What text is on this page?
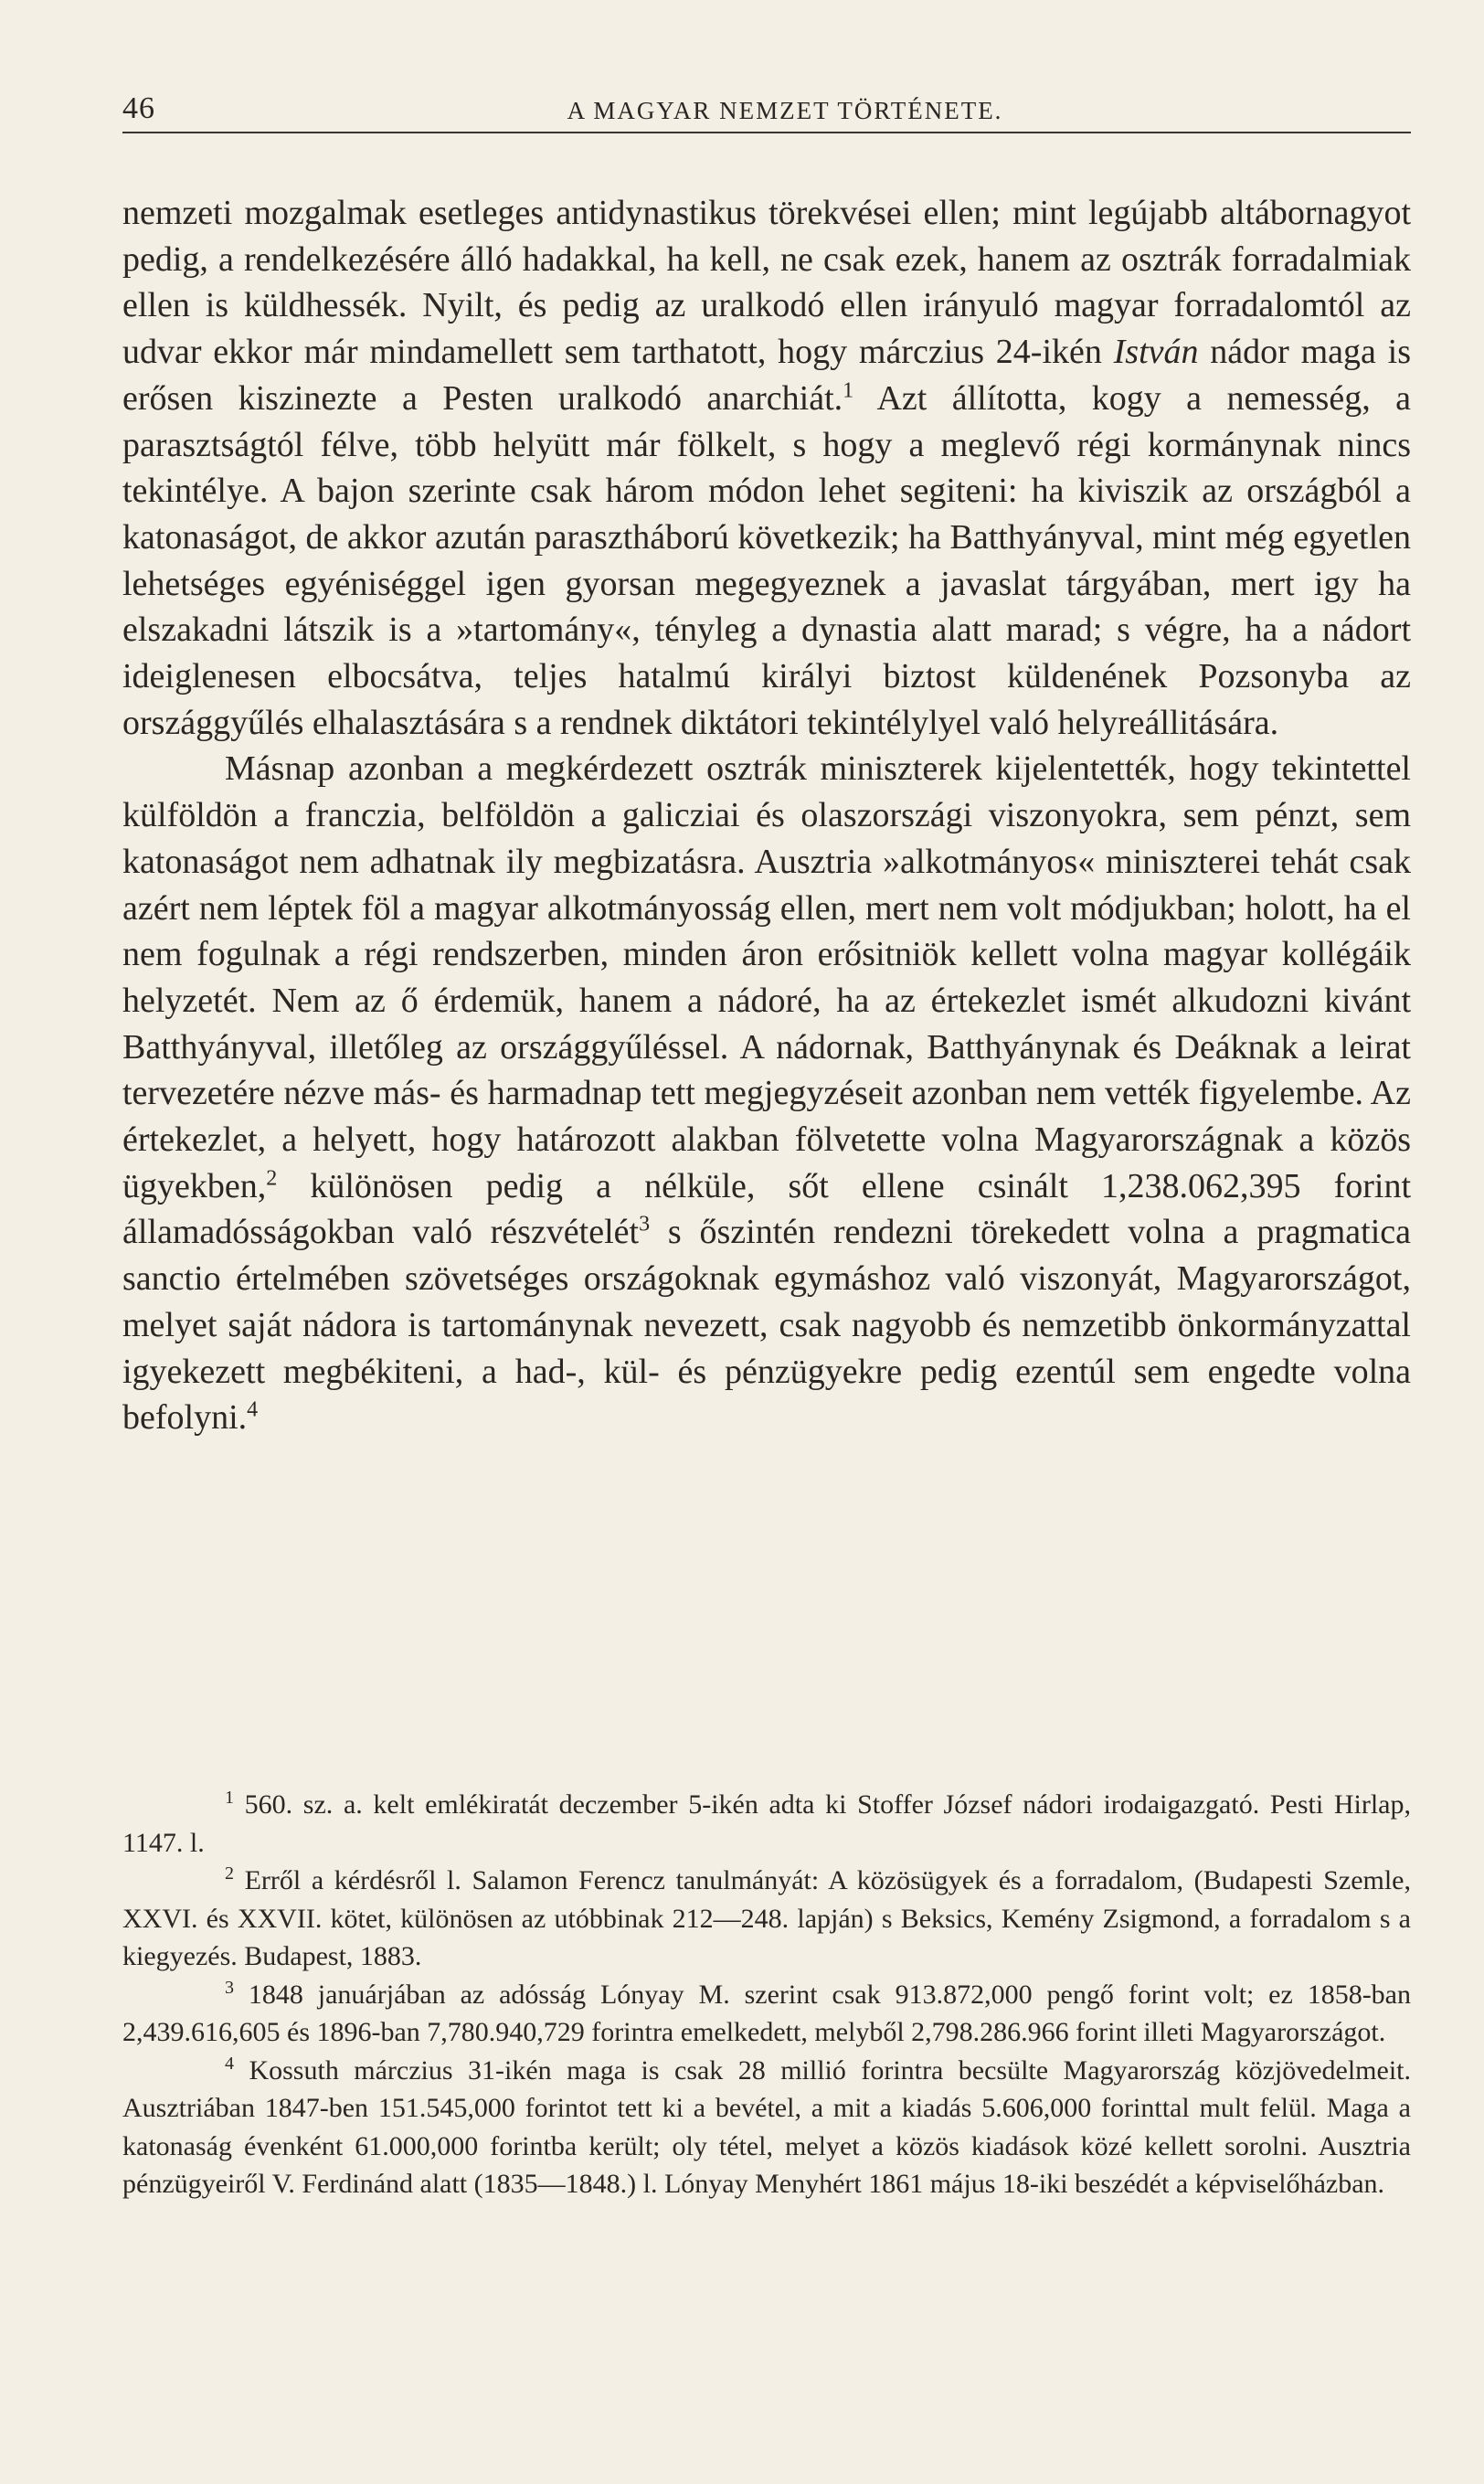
46	A MAGYAR NEMZET TÖRTÉNETE.

nemzeti mozgalmak esetleges antidynastikus törekvései ellen; mint legújabb altábornagyot pedig, a rendelkezésére álló hadakkal, ha kell, ne csak ezek, hanem az osztrák forradalmiak ellen is küldhessék. Nyilt, és pedig az uralkodó ellen irányuló magyar forradalomtól az udvar ekkor már mindamellett sem tarthatott, hogy márczius 24-ikén István nádor maga is erősen kiszinezte a Pesten uralkodó anarchiát.$^1$ Azt állította, kogy a nemesség, a parasztságtól félve, több helyütt már fölkelt, s hogy a meglevő régi kormánynak nincs tekintélye. A bajon szerinte csak három módon lehet segiteni: ha kiviszik az országból a katonaságot, de akkor azután parasztháború következik; ha Batthyányval, mint még egyetlen lehetséges egyéniséggel igen gyorsan megegyeznek a javaslat tárgyában, mert igy ha elszakadni látszik is a »tartomány«, tényleg a dynastia alatt marad; s végre, ha a nádort ideiglenesen elbocsátva, teljes hatalmú királyi biztost küldenének Pozsonyba az országgyűlés elhalasztására s a rendnek diktátori tekintélylyel való helyreállitására.

Másnap azonban a megkérdezett osztrák miniszterek kijelentették, hogy tekintettel külföldön a franczia, belföldön a galicziai és olaszországi viszonyokra, sem pénzt, sem katonaságot nem adhatnak ily megbizatásra. Ausztria »alkotmányos« miniszterei tehát csak azért nem léptek föl a magyar alkotmányosság ellen, mert nem volt módjukban; holott, ha el nem fogulnak a régi rendszerben, minden áron erősitniök kellett volna magyar kollégáik helyzetét. Nem az ő érdemük, hanem a nádoré, ha az értekezlet ismét alkudozni kivánt Batthyányval, illetőleg az országgyűléssel. A nádornak, Batthyánynak és Deáknak a leirat tervezetére nézve más- és harmadnap tett megjegyzéseit azonban nem vették figyelembe. Az értekezlet, a helyett, hogy határozott alakban fölvetette volna Magyarországnak a közös ügyekben,$^2$ különösen pedig a nélküle, sőt ellene csinált 1,238.062,395 forint államadósságokban való részvételét$^3$ s őszintén rendezni törekedett volna a pragmatica sanctio értelmében szövetséges országoknak egymáshoz való viszonyát, Magyarországot, melyet saját nádora is tartománynak nevezett, csak nagyobb és nemzetibb önkormányzattal igyekezett megbékiteni, a had-, kül- és pénzügyekre pedig ezentúl sem engedte volna befolyni.$^4$

$^1$ 560. sz. a. kelt emlékiratát deczember 5-ikén adta ki Stoffer József nádori irodaigazgató. Pesti Hirlap, 1147. l.

$^2$ Erről a kérdésről l. Salamon Ferencz tanulmányát: A közösügyek és a forradalom, (Budapesti Szemle, XXVI. és XXVII. kötet, különösen az utóbbinak 212—248. lapján) s Beksics, Kemény Zsigmond, a forradalom s a kiegyezés. Budapest, 1883.

$^3$ 1848 januárjában az adósság Lónyay M. szerint csak 913.872,000 pengő forint volt; ez 1858-ban 2,439.616,605 és 1896-ban 7,780.940,729 forintra emelkedett, melyből 2,798.286.966 forint illeti Magyarországot.

$^4$ Kossuth márczius 31-ikén maga is csak 28 millió forintra becsülte Magyarország közjövedelmeit. Ausztriában 1847-ben 151.545,000 forintot tett ki a bevétel, a mit a kiadás 5.606,000 forinttal mult felül. Maga a katonaság évenként 61.000,000 forintba került; oly tétel, melyet a közös kiadások közé kellett sorolni. Ausztria pénzügyeiről V. Ferdinánd alatt (1835—1848.) l. Lónyay Menyhért 1861 május 18-iki beszédét a képviselőházban.
